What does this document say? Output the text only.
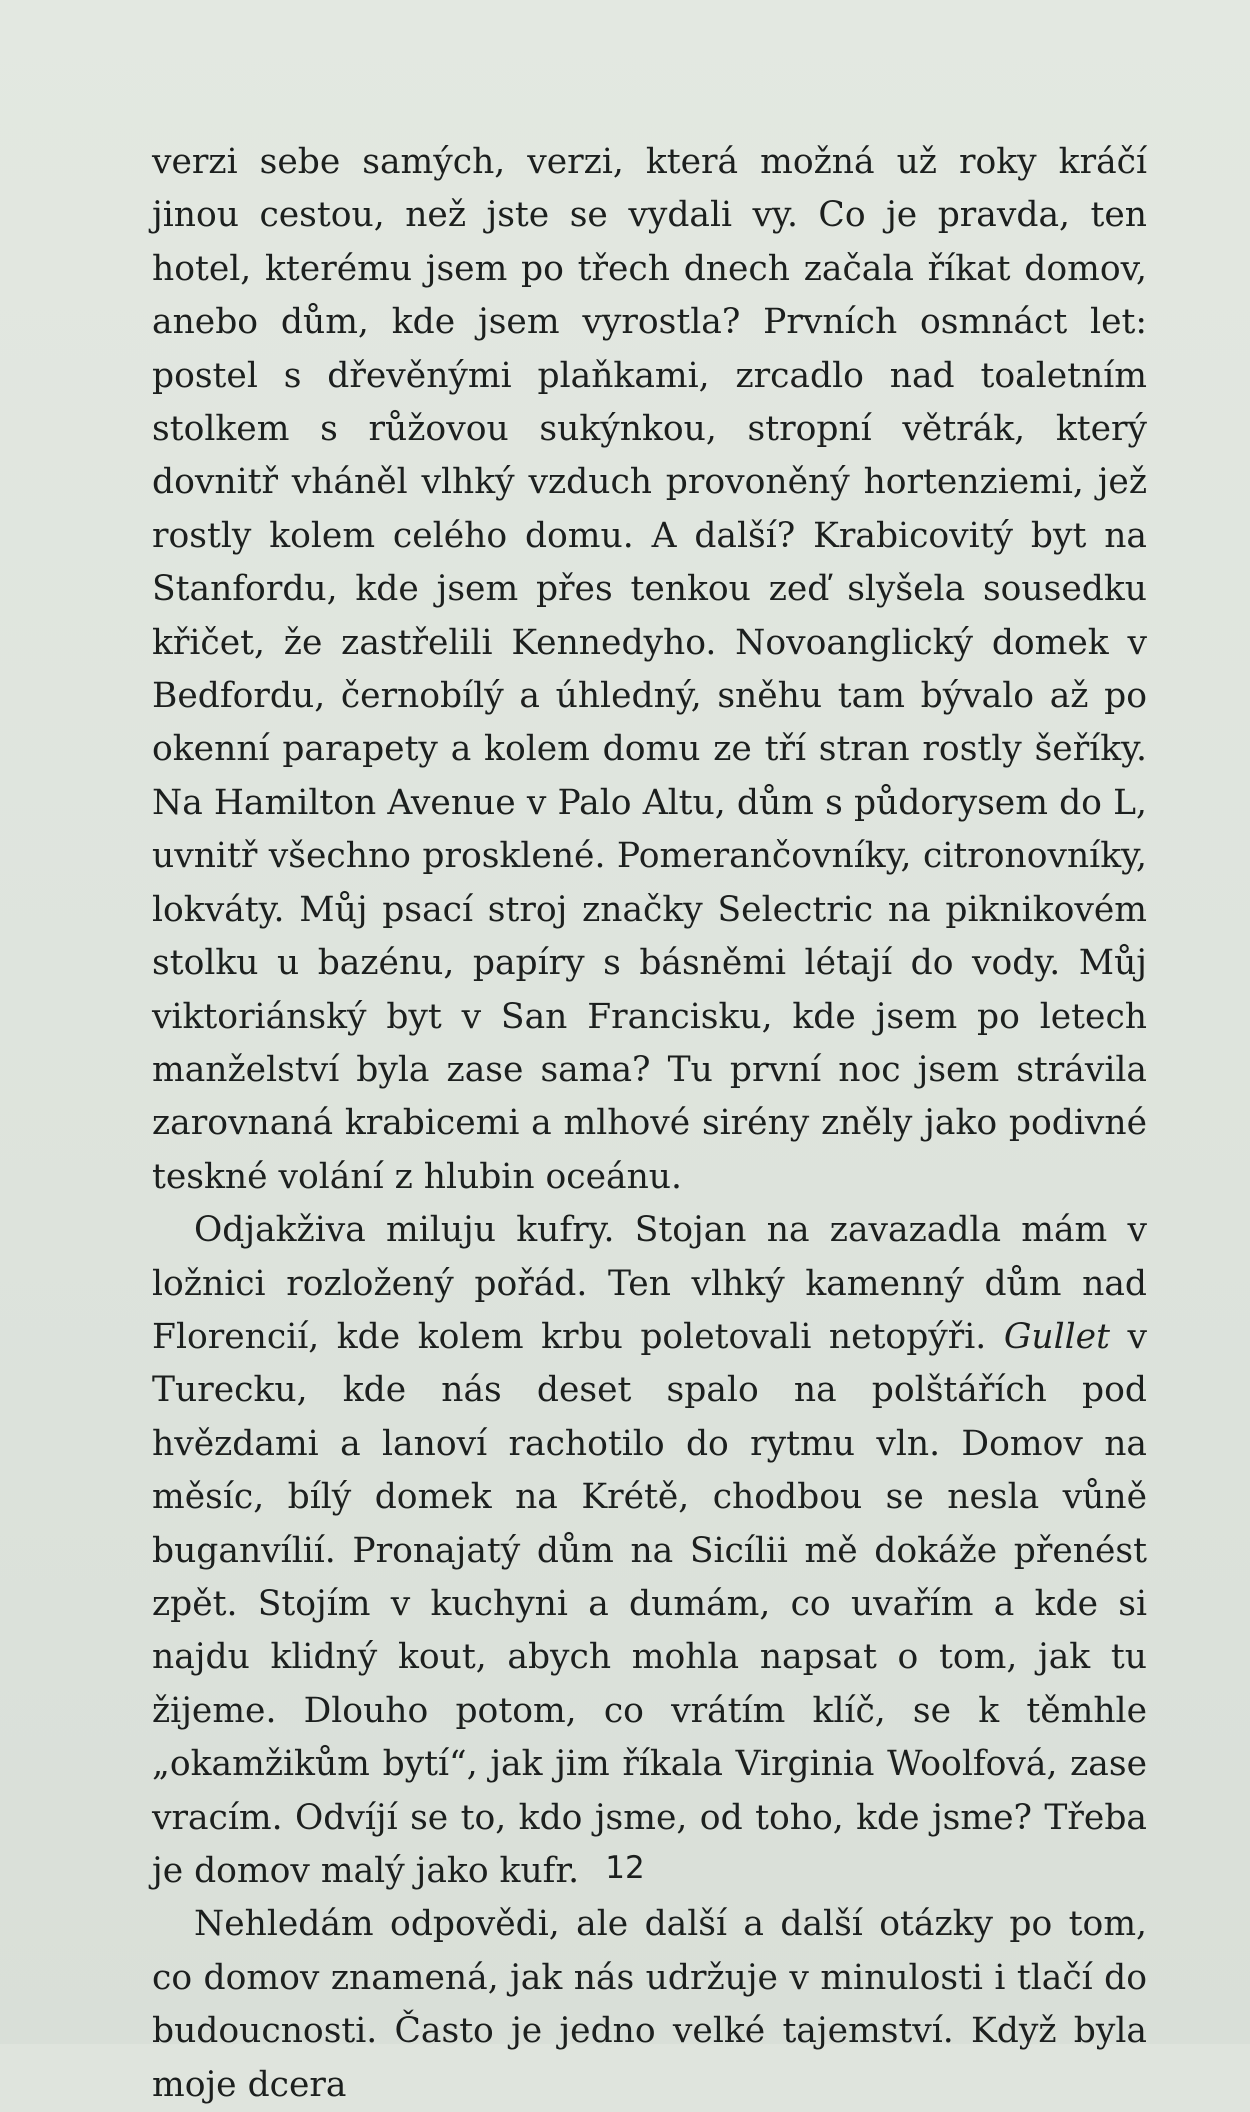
verzi sebe samých, verzi, která možná už roky kráčí jinou cestou, než jste se vydali vy. Co je pravda, ten hotel, kterému jsem po třech dnech začala říkat domov, anebo dům, kde jsem vyrostla? Prvních osmnáct let: postel s dřevěnými plaňkami, zrcadlo nad toaletním stolkem s růžovou sukýnkou, stropní větrák, který dovnitř vháněl vlhký vzduch provoněný hortenziemi, jež rostly kolem celého domu. A další? Krabicovitý byt na Stanfordu, kde jsem přes tenkou zeď slyšela sousedku křičet, že zastřelili Kennedyho. Novoanglický domek v Bedfordu, černobílý a úhledný, sněhu tam bývalo až po okenní parapety a kolem domu ze tří stran rostly šeříky. Na Hamilton Avenue v Palo Altu, dům s půdorysem do L, uvnitř všechno prosklené. Pomerančovníky, citronovníky, lokváty. Můj psací stroj značky Selectric na piknikovém stolku u bazénu, papíry s básněmi létají do vody. Můj viktoriánský byt v San Francisku, kde jsem po letech manželství byla zase sama? Tu první noc jsem strávila zarovnaná krabicemi a mlhové sirény zněly jako podivné teskné volání z hlubin oceánu.

Odjakživa miluju kufry. Stojan na zavazadla mám v ložnici rozložený pořád. Ten vlhký kamenný dům nad Florencií, kde kolem krbu poletovali netopýři. Gullet v Turecku, kde nás deset spalo na polštářích pod hvězdami a lanoví rachotilo do rytmu vln. Domov na měsíc, bílý domek na Krétě, chodbou se nesla vůně buganvílií. Pronajatý dům na Sicílii mě dokáže přenést zpět. Stojím v kuchyni a dumám, co uvařím a kde si najdu klidný kout, abych mohla napsat o tom, jak tu žijeme. Dlouho potom, co vrátím klíč, se k těmhle „okamžikům bytí“, jak jim říkala Virginia Woolfová, zase vracím. Odvíjí se to, kdo jsme, od toho, kde jsme? Třeba je domov malý jako kufr.

Nehledám odpovědi, ale další a další otázky po tom, co domov znamená, jak nás udržuje v minulosti i tlačí do budoucnosti. Často je jedno velké tajemství. Když byla moje dcera

12
